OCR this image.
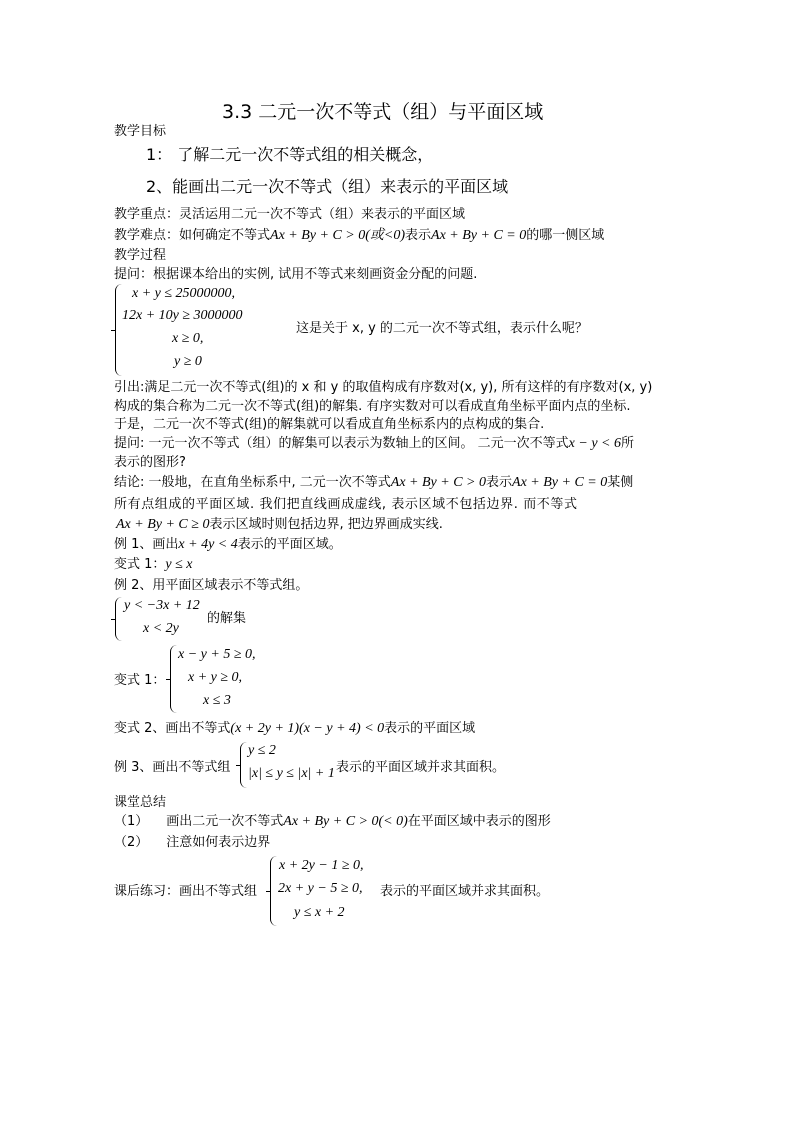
3.3 二元一次不等式（组）与平面区域
教学目标
1： 了解二元一次不等式组的相关概念，
2、能画出二元一次不等式（组）来表示的平面区域
教学重点：灵活运用二元一次不等式（组）来表示的平面区域
教学难点：如何确定不等式Ax + By + C > 0(或<0)表示Ax + By + C = 0的哪一侧区域
教学过程
提问：根据课本给出的实例, 试用不等式来刻画资金分配的问题.
x + y ≤ 25000000,
12x + 10y ≥ 3000000
x ≥ 0,
y ≥ 0
这是关于 x, y 的二元一次不等式组，表示什么呢？
引出:满足二元一次不等式(组)的 x 和 y 的取值构成有序数对(x, y), 所有这样的有序数对(x, y)
构成的集合称为二元一次不等式(组)的解集. 有序实数对可以看成直角坐标平面内点的坐标.
于是，二元一次不等式(组)的解集就可以看成直角坐标系内的点构成的集合.
提问: 一元一次不等式（组）的解集可以表示为数轴上的区间。 二元一次不等式x − y < 6所
表示的图形?
结论: 一般地，在直角坐标系中, 二元一次不等式Ax + By + C > 0表示Ax + By + C = 0某侧
所有点组成的平面区域. 我们把直线画成虚线, 表示区域不包括边界. 而不等式
Ax + By + C ≥ 0表示区域时则包括边界, 把边界画成实线.
例 1、画出x + 4y < 4表示的平面区域。
变式 1：y ≤ x
例 2、用平面区域表示不等式组。
y < −3x + 12
x < 2y
的解集
变式 1：
x − y + 5 ≥ 0,
x + y ≥ 0,
x ≤ 3
变式 2、画出不等式(x + 2y + 1)(x − y + 4) < 0表示的平面区域
例 3、画出不等式组
y ≤ 2
|x| ≤ y ≤ |x| + 1 表示的平面区域并求其面积。
课堂总结
（1） 画出二元一次不等式Ax + By + C > 0(< 0)在平面区域中表示的图形
（2） 注意如何表示边界
课后练习：画出不等式组
x + 2y − 1 ≥ 0,
2x + y − 5 ≥ 0,
y ≤ x + 2
表示的平面区域并求其面积。
